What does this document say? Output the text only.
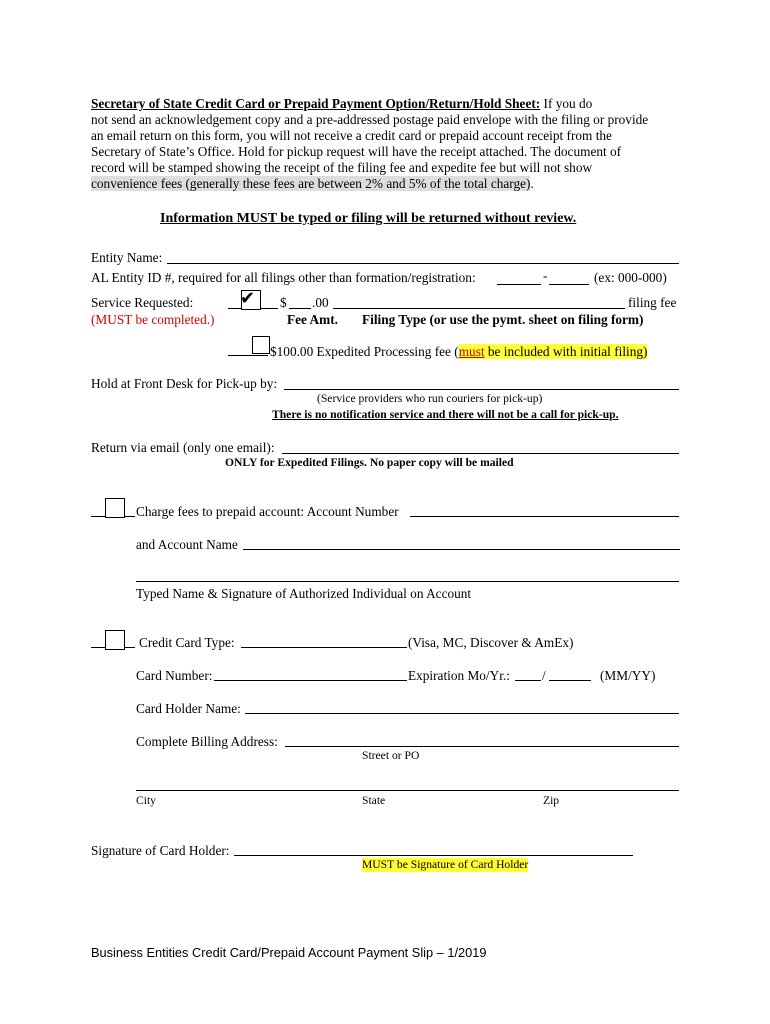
Secretary of State Credit Card or Prepaid Payment Option/Return/Hold Sheet: If you do
not send an acknowledgement copy and a pre-addressed postage paid envelope with the filing or provide
an email return on this form, you will not receive a credit card or prepaid account receipt from the
Secretary of State’s Office. Hold for pickup request will have the receipt attached. The document of
record will be stamped showing the receipt of the filing fee and expedite fee but will not show
convenience fees (generally these fees are between 2% and 5% of the total charge).
Information MUST be typed or filing will be returned without review.
Entity Name:
AL Entity ID #, required for all filings other than formation/registration:	-	(ex: 000-000)
Service Requested:
(MUST be completed.)
✔ $ .00	filing fee
Fee Amt. Filing Type (or use the pymt. sheet on filing form)
$100.00 Expedited Processing fee (must be included with initial filing)
Hold at Front Desk for Pick-up by:
(Service providers who run couriers for pick-up)
There is no notification service and there will not be a call for pick-up.
Return via email (only one email):
ONLY for Expedited Filings. No paper copy will be mailed
Charge fees to prepaid account: Account Number
and Account Name
Typed Name & Signature of Authorized Individual on Account
Credit Card Type:	(Visa, MC, Discover & AmEx)
Card Number:	Expiration Mo/Yr.: /	(MM/YY)
Card Holder Name:
Complete Billing Address:
Street or PO
City	State	Zip
Signature of Card Holder:
MUST be Signature of Card Holder
Business Entities Credit Card/Prepaid Account Payment Slip – 1/2019
